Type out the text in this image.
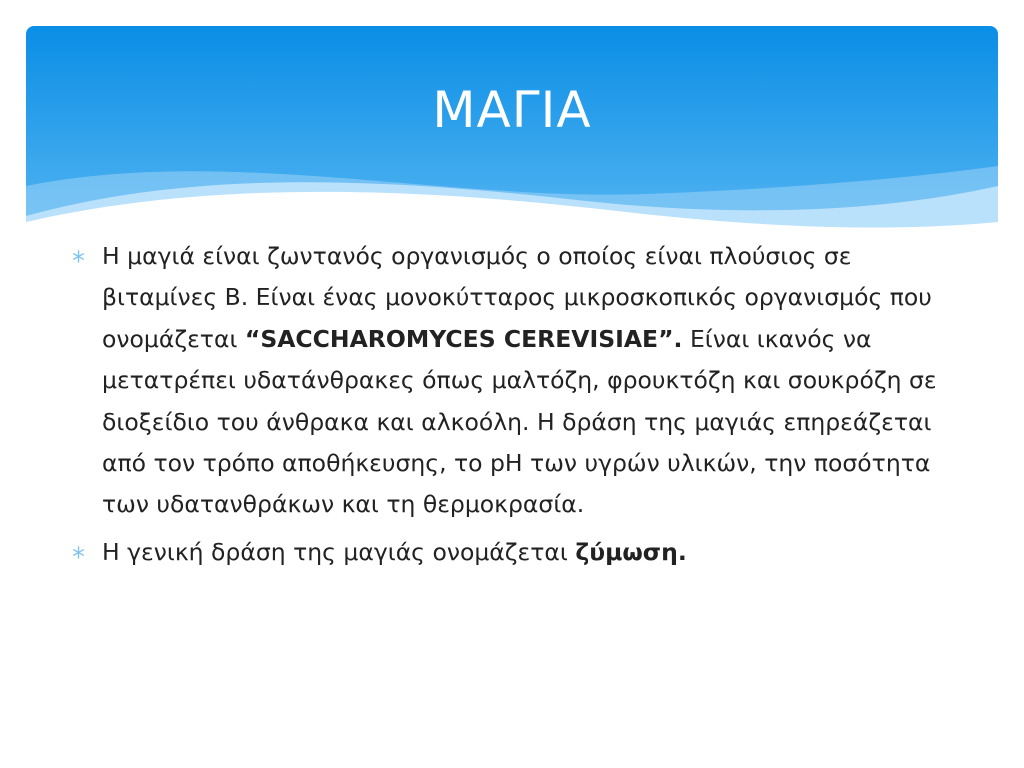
ΜΑΓΙΑ

Η μαγιά είναι ζωντανός οργανισμός ο οποίος είναι πλούσιος σε βιταμίνες Β. Είναι ένας μονοκύτταρος μικροσκοπικός οργανισμός που ονομάζεται “SACCHAROMYCES CEREVISIAE”. Είναι ικανός να μετατρέπει υδατάνθρακες όπως μαλτόζη, φρουκτόζη και σουκρόζη σε διοξείδιο του άνθρακα και αλκοόλη. Η δράση της μαγιάς επηρεάζεται από τον τρόπο αποθήκευσης, το pH των υγρών υλικών, την ποσότητα των υδατανθράκων και τη θερμοκρασία.

Η γενική δράση της μαγιάς ονομάζεται ζύμωση.
